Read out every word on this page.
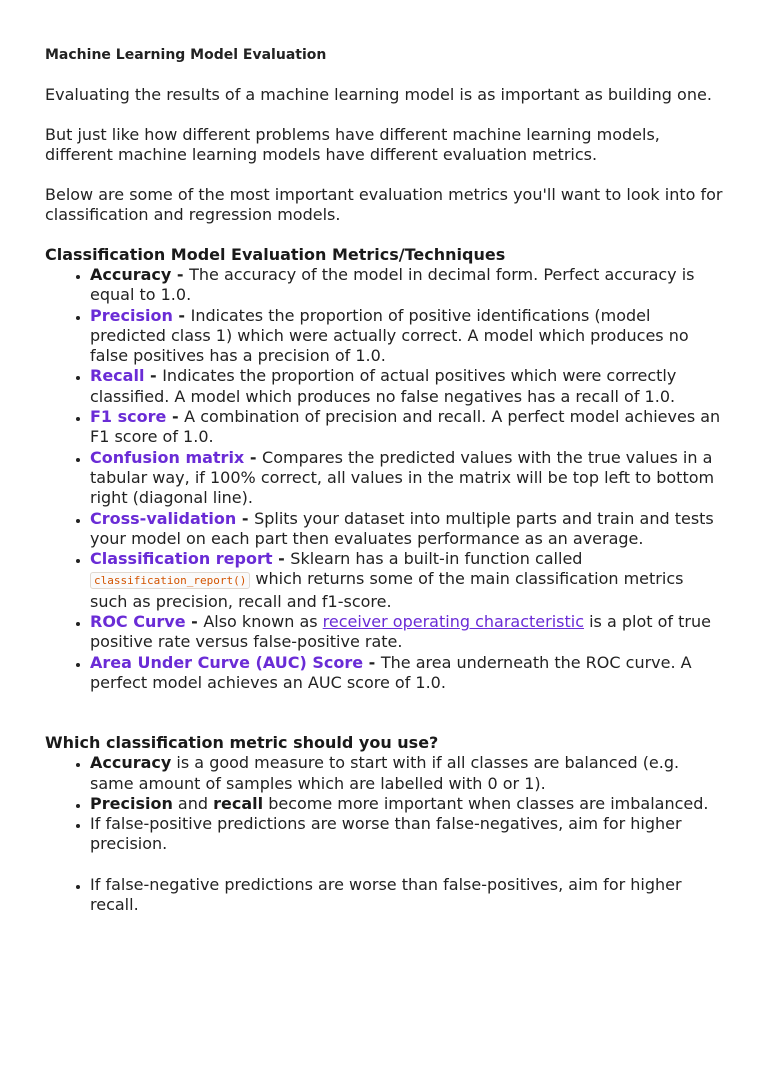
Machine Learning Model Evaluation

Evaluating the results of a machine learning model is as important as building one.

But just like how different problems have different machine learning models, different machine learning models have different evaluation metrics.

Below are some of the most important evaluation metrics you'll want to look into for classification and regression models.

Classification Model Evaluation Metrics/Techniques
• Accuracy - The accuracy of the model in decimal form. Perfect accuracy is equal to 1.0.
• Precision - Indicates the proportion of positive identifications (model predicted class 1) which were actually correct. A model which produces no false positives has a precision of 1.0.
• Recall - Indicates the proportion of actual positives which were correctly classified. A model which produces no false negatives has a recall of 1.0.
• F1 score - A combination of precision and recall. A perfect model achieves an F1 score of 1.0.
• Confusion matrix - Compares the predicted values with the true values in a tabular way, if 100% correct, all values in the matrix will be top left to bottom right (diagonal line).
• Cross-validation - Splits your dataset into multiple parts and train and tests your model on each part then evaluates performance as an average.
• Classification report - Sklearn has a built-in function called classification_report() which returns some of the main classification metrics such as precision, recall and f1-score.
• ROC Curve - Also known as receiver operating characteristic is a plot of true positive rate versus false-positive rate.
• Area Under Curve (AUC) Score - The area underneath the ROC curve. A perfect model achieves an AUC score of 1.0.
Which classification metric should you use?
• Accuracy is a good measure to start with if all classes are balanced (e.g. same amount of samples which are labelled with 0 or 1).
• Precision and recall become more important when classes are imbalanced.
• If false-positive predictions are worse than false-negatives, aim for higher precision.
• If false-negative predictions are worse than false-positives, aim for higher recall.
